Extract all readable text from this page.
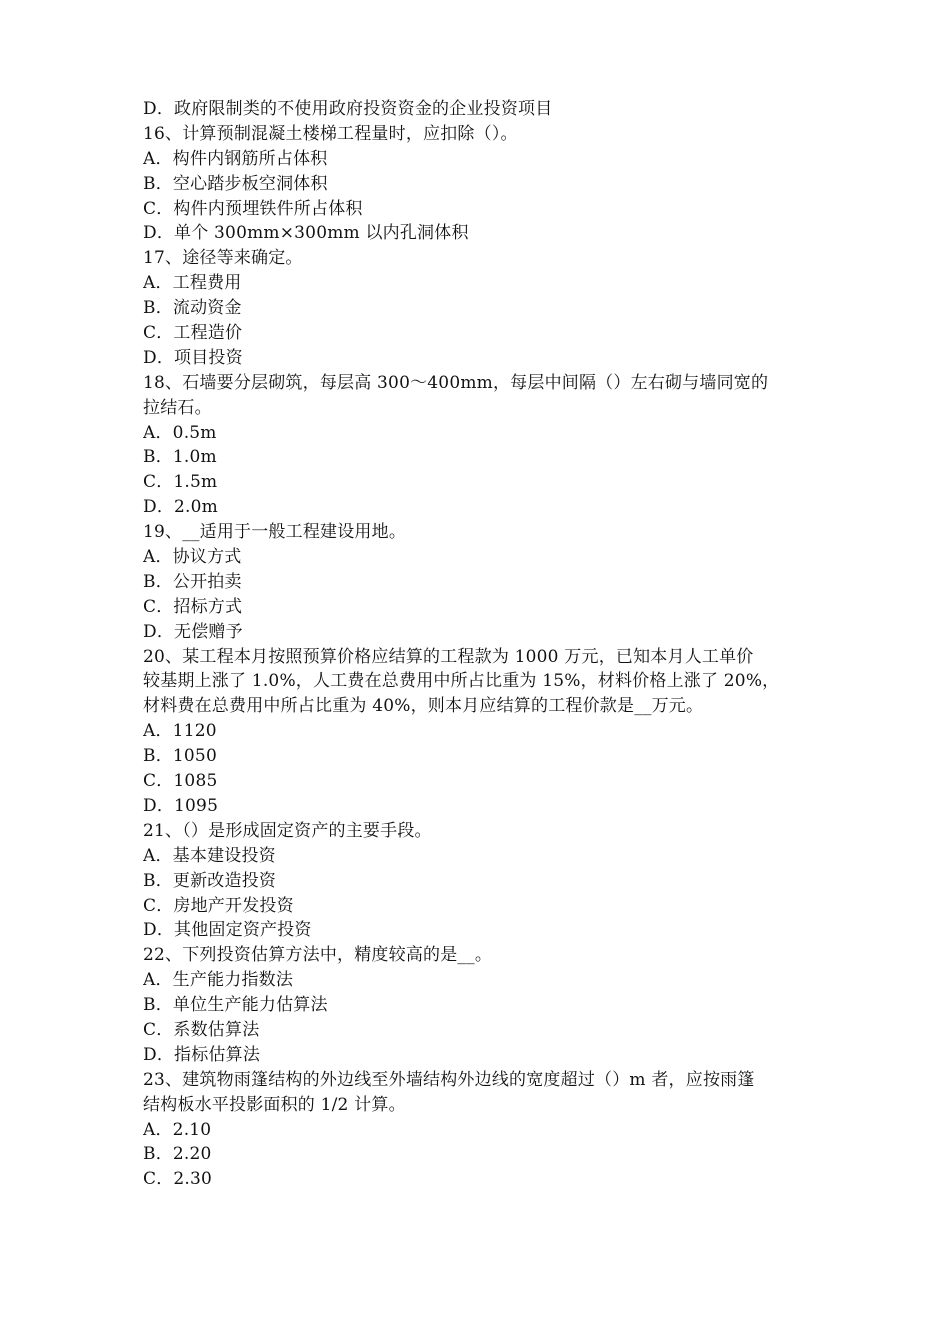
D．政府限制类的不使用政府投资资金的企业投资项目
16、计算预制混凝土楼梯工程量时，应扣除（）。
A．构件内钢筋所占体积
B．空心踏步板空洞体积
C．构件内预埋铁件所占体积
D．单个 300mm×300mm 以内孔洞体积
17、途径等来确定。
A．工程费用
B．流动资金
C．工程造价
D．项目投资
18、石墙要分层砌筑，每层高 300～400mm，每层中间隔（）左右砌与墙同宽的
拉结石。
A．0.5m
B．1.0m
C．1.5m
D．2.0m
19、__适用于一般工程建设用地。
A．协议方式
B．公开拍卖
C．招标方式
D．无偿赠予
20、某工程本月按照预算价格应结算的工程款为 1000 万元，已知本月人工单价
较基期上涨了 1.0%，人工费在总费用中所占比重为 15%，材料价格上涨了 20%，
材料费在总费用中所占比重为 40%，则本月应结算的工程价款是__万元。
A．1120
B．1050
C．1085
D．1095
21、（）是形成固定资产的主要手段。
A．基本建设投资
B．更新改造投资
C．房地产开发投资
D．其他固定资产投资
22、下列投资估算方法中，精度较高的是__。
A．生产能力指数法
B．单位生产能力估算法
C．系数估算法
D．指标估算法
23、建筑物雨篷结构的外边线至外墙结构外边线的宽度超过（）m 者，应按雨篷
结构板水平投影面积的 1/2 计算。
A．2.10
B．2.20
C．2.30
